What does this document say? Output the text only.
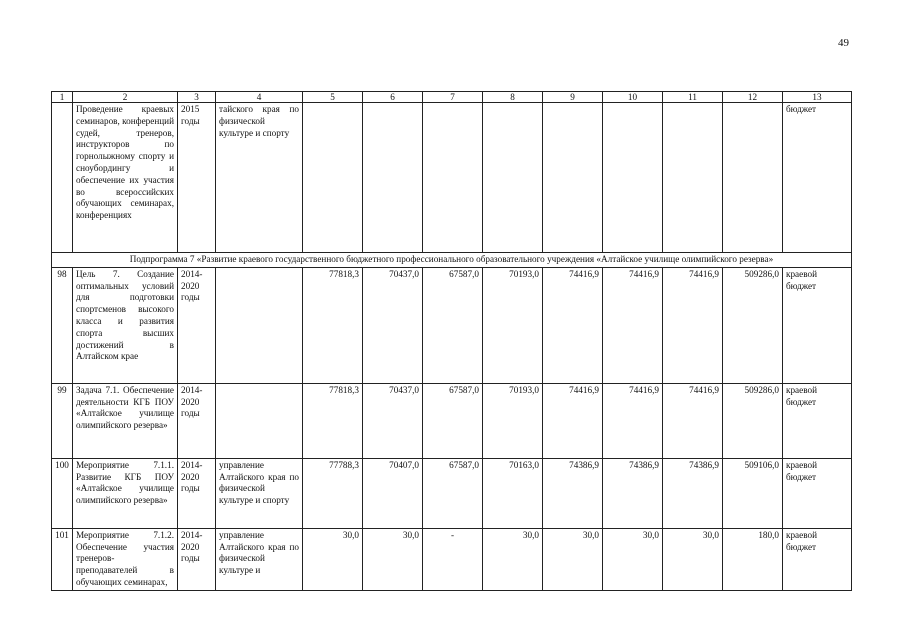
49
1	2	3	4	5	6	7	8	9	10	11	12	13
	Проведение краевых семинаров, конференций судей, тренеров, инструкторов по горнолыжному спорту и сноубордингу и обеспечение их участия во всероссийских обучающих семинарах, конференциях	2015 годы	тайского края по физической культуре и спорту									бюджет
Подпрограмма 7 «Развитие краевого государственного бюджетного профессионального образовательного учреждения «Алтайское училище олимпийского резерва»												
98	Цель 7. Создание оптимальных условий для подготовки спортсменов высокого класса и развития спорта высших достижений в Алтайском крае	2014-2020 годы		77818,3	70437,0	67587,0	70193,0	74416,9	74416,9	74416,9	509286,0	краевой бюджет
99	Задача 7.1. Обеспечение деятельности КГБ ПОУ «Алтайское училище олимпийского резерва»	2014-2020 годы		77818,3	70437,0	67587,0	70193,0	74416,9	74416,9	74416,9	509286,0	краевой бюджет
100	Мероприятие 7.1.1. Развитие КГБ ПОУ «Алтайское училище олимпийского резерва»	2014-2020 годы	управление Алтайского края по физической культуре и спорту	77788,3	70407,0	67587,0	70163,0	74386,9	74386,9	74386,9	509106,0	краевой бюджет
101	Мероприятие 7.1.2. Обеспечение участия тренеров-преподавателей в обучающих семинарах,	2014-2020 годы	управление Алтайского края по физической культуре и	30,0	30,0	-	30,0	30,0	30,0	30,0	180,0	краевой бюджет
